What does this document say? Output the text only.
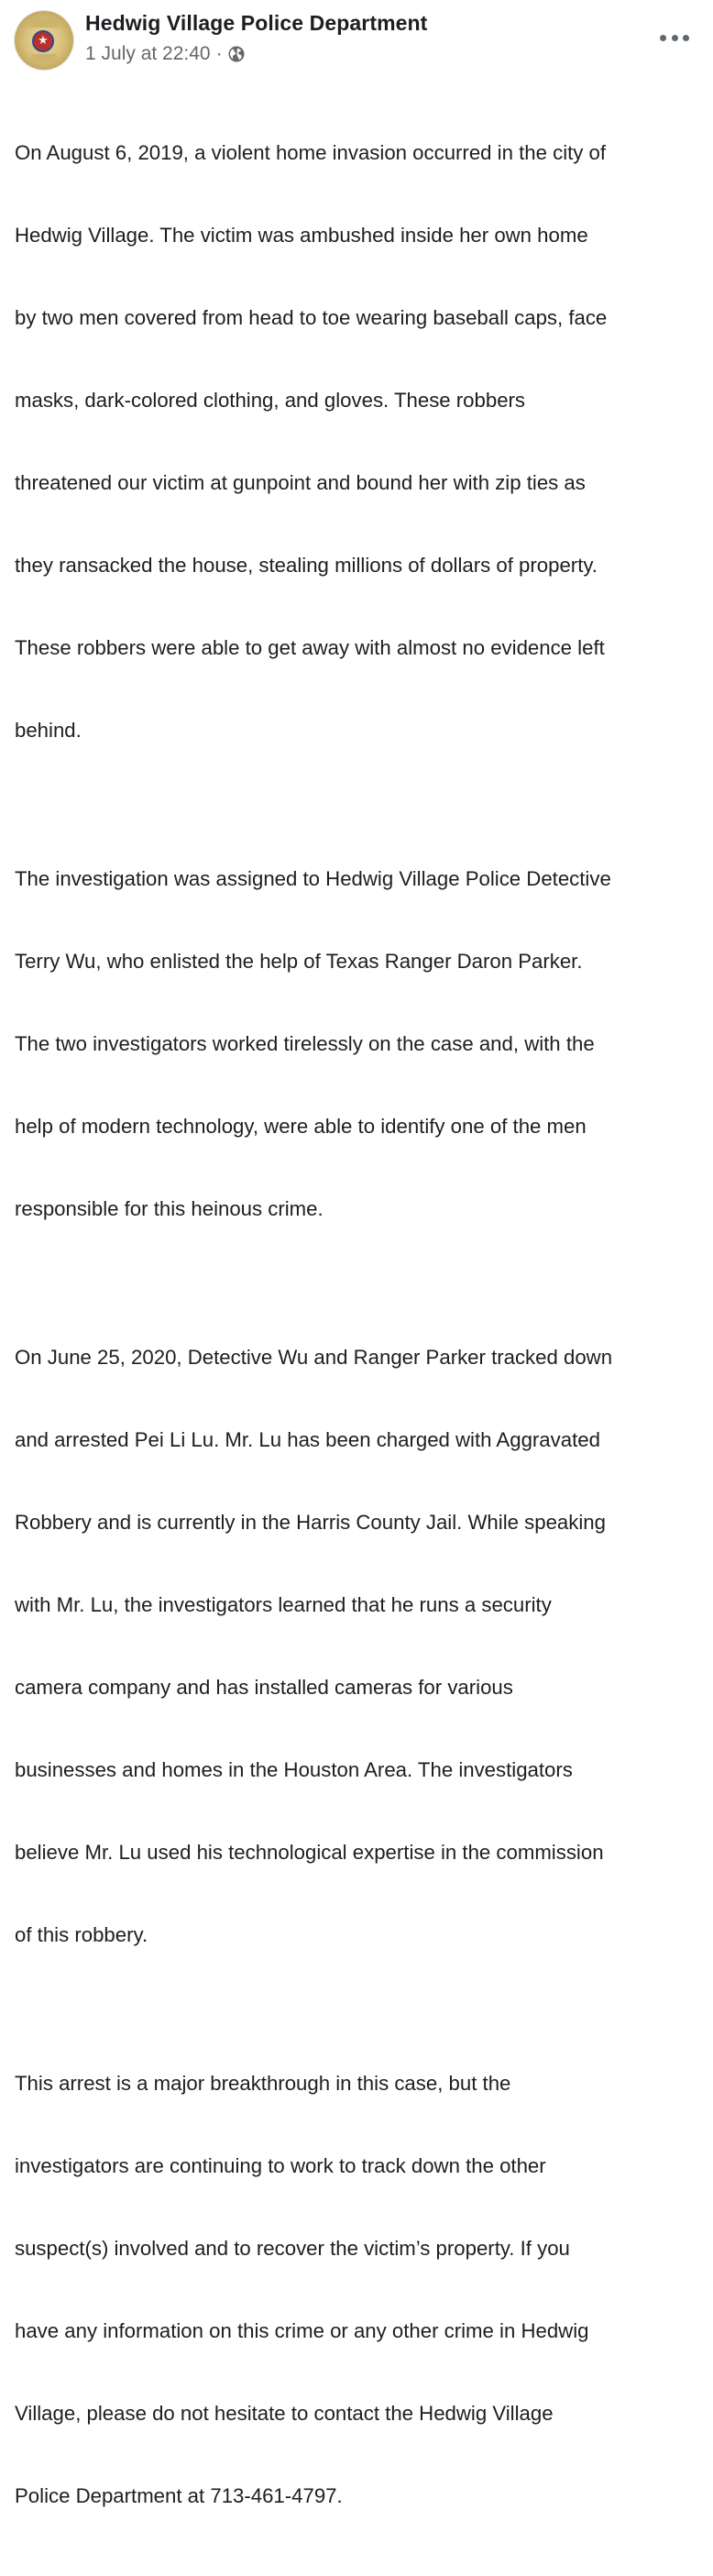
★
Hedwig Village Police Department
1 July at 22:40 ·

On August 6, 2019, a violent home invasion occurred in the city of

Hedwig Village. The victim was ambushed inside her own home

by two men covered from head to toe wearing baseball caps, face

masks, dark-colored clothing, and gloves. These robbers

threatened our victim at gunpoint and bound her with zip ties as

they ransacked the house, stealing millions of dollars of property.

These robbers were able to get away with almost no evidence left

behind.

The investigation was assigned to Hedwig Village Police Detective

Terry Wu, who enlisted the help of Texas Ranger Daron Parker.

The two investigators worked tirelessly on the case and, with the

help of modern technology, were able to identify one of the men

responsible for this heinous crime.

On June 25, 2020, Detective Wu and Ranger Parker tracked down

and arrested Pei Li Lu. Mr. Lu has been charged with Aggravated

Robbery and is currently in the Harris County Jail. While speaking

with Mr. Lu, the investigators learned that he runs a security

camera company and has installed cameras for various

businesses and homes in the Houston Area. The investigators

believe Mr. Lu used his technological expertise in the commission

of this robbery.

This arrest is a major breakthrough in this case, but the

investigators are continuing to work to track down the other

suspect(s) involved and to recover the victim’s property. If you

have any information on this crime or any other crime in Hedwig

Village, please do not hesitate to contact the Hedwig Village

Police Department at 713-461-4797.
